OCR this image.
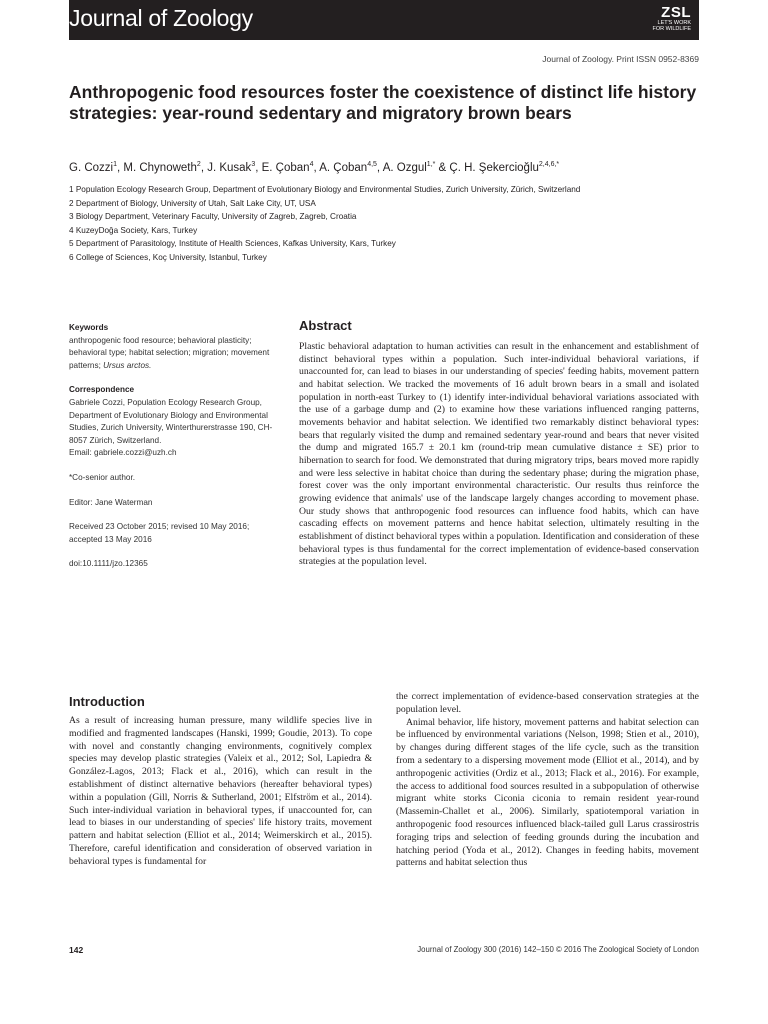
Journal of Zoology	ZSL
LET'S WORK FOR WILDLIFE
Journal of Zoology. Print ISSN 0952-8369
Anthropogenic food resources foster the coexistence of distinct life history strategies: year-round sedentary and migratory brown bears
G. Cozzi$^1$, M. Chynoweth$^2$, J. Kusak$^3$, E. Çoban$^4$, A. Çoban$^{4,5}$, A. Ozgul$^{1,*}$ & Ç. H. Şekercioğlu$^{2,4,6,*}$
1 Population Ecology Research Group, Department of Evolutionary Biology and Environmental Studies, Zurich University, Zürich, Switzerland
2 Department of Biology, University of Utah, Salt Lake City, UT, USA
3 Biology Department, Veterinary Faculty, University of Zagreb, Zagreb, Croatia
4 KuzeyDoğa Society, Kars, Turkey
5 Department of Parasitology, Institute of Health Sciences, Kafkas University, Kars, Turkey
6 College of Sciences, Koç University, Istanbul, Turkey
Keywords
anthropogenic food resource; behavioral plasticity; behavioral type; habitat selection; migration; movement patterns; Ursus arctos.
Correspondence
Gabriele Cozzi, Population Ecology Research Group, Department of Evolutionary Biology and Environmental Studies, Zurich University, Winterthurerstrasse 190, CH-8057 Zürich, Switzerland.
Email: gabriele.cozzi@uzh.ch
*Co-senior author.
Editor: Jane Waterman
Received 23 October 2015; revised 10 May 2016; accepted 13 May 2016
doi:10.1111/jzo.12365
Abstract

Plastic behavioral adaptation to human activities can result in the enhancement and establishment of distinct behavioral types within a population. Such inter-individual behavioral variations, if unaccounted for, can lead to biases in our understanding of species' feeding habits, movement pattern and habitat selection. We tracked the movements of 16 adult brown bears in a small and isolated population in north-east Turkey to (1) identify inter-individual behavioral variations associated with the use of a garbage dump and (2) to examine how these variations influenced ranging patterns, movements behavior and habitat selection. We identified two remarkably distinct behavioral types: bears that regularly visited the dump and remained sedentary year-round and bears that never visited the dump and migrated 165.7 ± 20.1 km (round-trip mean cumulative distance ± SE) prior to hibernation to search for food. We demonstrated that during migratory trips, bears moved more rapidly and were less selective in habitat choice than during the sedentary phase; during the migration phase, forest cover was the only important environmental characteristic. Our results thus reinforce the growing evidence that animals' use of the landscape largely changes according to movement phase. Our study shows that anthropogenic food resources can influence food habits, which can have cascading effects on movement patterns and hence habitat selection, ultimately resulting in the establishment of distinct behavioral types within a population. Identification and consideration of these behavioral types is thus fundamental for the correct implementation of evidence-based conservation strategies at the population level.

Introduction

As a result of increasing human pressure, many wildlife species live in modified and fragmented landscapes (Hanski, 1999; Goudie, 2013). To cope with novel and constantly changing environments, cognitively complex species may develop plastic strategies (Valeix et al., 2012; Sol, Lapiedra & González-Lagos, 2013; Flack et al., 2016), which can result in the establishment of distinct alternative behaviors (hereafter behavioral types) within a population (Gill, Norris & Sutherland, 2001; Elfström et al., 2014). Such inter-individual variation in behavioral types, if unaccounted for, can lead to biases in our understanding of species' life history traits, movement pattern and habitat selection (Elliot et al., 2014; Weimerskirch et al., 2015). Therefore, careful identification and consideration of observed variation in behavioral types is fundamental for

the correct implementation of evidence-based conservation strategies at the population level.

Animal behavior, life history, movement patterns and habitat selection can be influenced by environmental variations (Nelson, 1998; Stien et al., 2010), by changes during different stages of the life cycle, such as the transition from a sedentary to a dispersing movement mode (Elliot et al., 2014), and by anthropogenic activities (Ordiz et al., 2013; Flack et al., 2016). For example, the access to additional food sources resulted in a subpopulation of otherwise migrant white storks Ciconia ciconia to remain resident year-round (Massemin-Challet et al., 2006). Similarly, spatiotemporal variation in anthropogenic food resources influenced black-tailed gull Larus crassirostris foraging trips and selection of feeding grounds during the incubation and hatching period (Yoda et al., 2012). Changes in feeding habits, movement patterns and habitat selection thus

142	Journal of Zoology 300 (2016) 142–150 © 2016 The Zoological Society of London
